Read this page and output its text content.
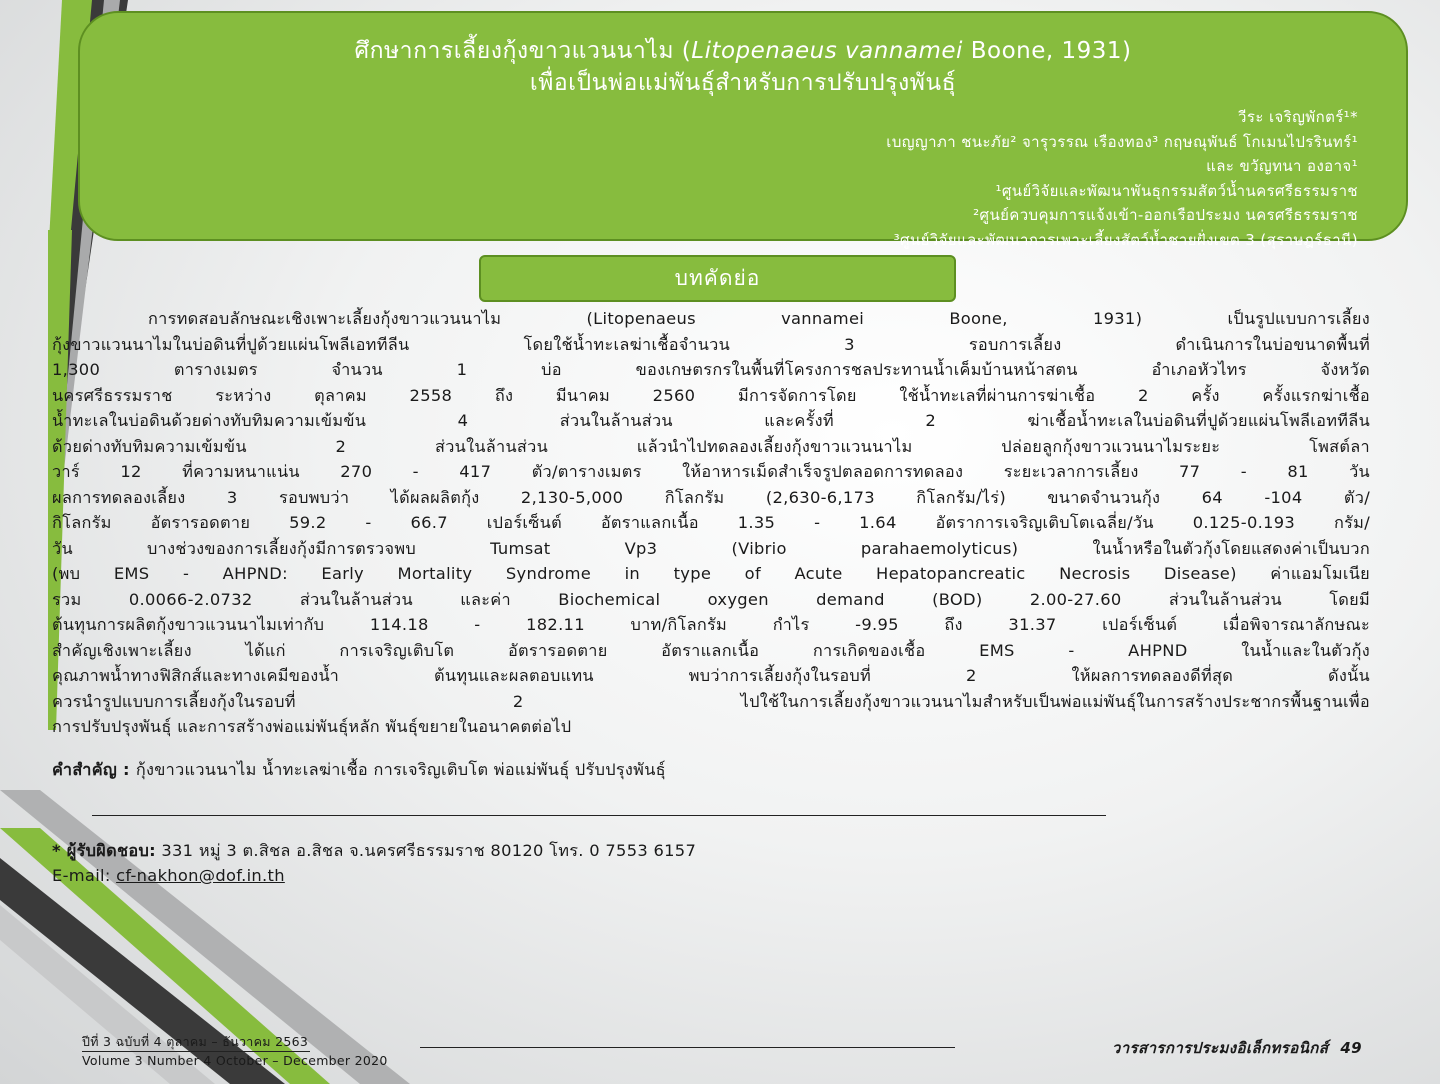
ศึกษาการเลี้ยงกุ้งขาวแวนนาไม (Litopenaeus vannamei Boone, 1931)
เพื่อเป็นพ่อแม่พันธุ์สำหรับการปรับปรุงพันธุ์
วีระ เจริญพักตร์¹*
เบญญาภา ชนะภัย² จารุวรรณ เรืองทอง³ กฤษณุพันธ์ โกเมนไปรรินทร์¹
และ ขวัญทนา องอาจ¹
¹ศูนย์วิจัยและพัฒนาพันธุกรรมสัตว์น้ำนครศรีธรรมราช
²ศูนย์ควบคุมการแจ้งเข้า-ออกเรือประมง นครศรีธรรมราช
³ศูนย์วิจัยและพัฒนาการเพาะเลี้ยงสัตว์น้ำชายฝั่งเขต 3 (สุราษฎร์ธานี)
บทคัดย่อ
การทดสอบลักษณะเชิงเพาะเลี้ยงกุ้งขาวแวนนาไม (Litopenaeus vannamei Boone, 1931) เป็นรูปแบบการเลี้ยง
กุ้งขาวแวนนาไมในบ่อดินที่ปูด้วยแผ่นโพลีเอททีลีน โดยใช้น้ำทะเลฆ่าเชื้อจำนวน 3 รอบการเลี้ยง ดำเนินการในบ่อขนาดพื้นที่
1,300 ตารางเมตร จำนวน 1 บ่อ ของเกษตรกรในพื้นที่โครงการชลประทานน้ำเค็มบ้านหน้าสตน อำเภอหัวไทร จังหวัด
นครศรีธรรมราช ระหว่าง ตุลาคม 2558 ถึง มีนาคม 2560 มีการจัดการโดย ใช้น้ำทะเลที่ผ่านการฆ่าเชื้อ 2 ครั้ง ครั้งแรกฆ่าเชื้อ
น้ำทะเลในบ่อดินด้วยด่างทับทิมความเข้มข้น 4 ส่วนในล้านส่วน และครั้งที่ 2 ฆ่าเชื้อน้ำทะเลในบ่อดินที่ปูด้วยแผ่นโพลีเอททีลีน
ด้วยด่างทับทิมความเข้มข้น 2 ส่วนในล้านส่วน แล้วนำไปทดลองเลี้ยงกุ้งขาวแวนนาไม ปล่อยลูกกุ้งขาวแวนนาไมระยะ โพสต์ลา
วาร์ 12 ที่ความหนาแน่น 270 - 417 ตัว/ตารางเมตร ให้อาหารเม็ดสำเร็จรูปตลอดการทดลอง ระยะเวลาการเลี้ยง 77 - 81 วัน
ผลการทดลองเลี้ยง 3 รอบพบว่า ได้ผลผลิตกุ้ง 2,130-5,000 กิโลกรัม (2,630-6,173 กิโลกรัม/ไร่) ขนาดจำนวนกุ้ง 64 -104 ตัว/
กิโลกรัม อัตรารอดตาย 59.2 - 66.7 เปอร์เซ็นต์ อัตราแลกเนื้อ 1.35 - 1.64 อัตราการเจริญเติบโตเฉลี่ย/วัน 0.125-0.193 กรัม/
วัน บางช่วงของการเลี้ยงกุ้งมีการตรวจพบ Tumsat Vp3 (Vibrio parahaemolyticus) ในน้ำหรือในตัวกุ้งโดยแสดงค่าเป็นบวก
(พบ EMS - AHPND: Early Mortality Syndrome in type of Acute Hepatopancreatic Necrosis Disease) ค่าแอมโมเนีย
รวม 0.0066-2.0732 ส่วนในล้านส่วน และค่า Biochemical oxygen demand (BOD) 2.00-27.60 ส่วนในล้านส่วน โดยมี
ต้นทุนการผลิตกุ้งขาวแวนนาไมเท่ากับ 114.18 - 182.11 บาท/กิโลกรัม กำไร -9.95 ถึง 31.37 เปอร์เซ็นต์ เมื่อพิจารณาลักษณะ
สำคัญเชิงเพาะเลี้ยง ได้แก่ การเจริญเติบโต อัตรารอดตาย อัตราแลกเนื้อ การเกิดของเชื้อ EMS - AHPND ในน้ำและในตัวกุ้ง
คุณภาพน้ำทางฟิสิกส์และทางเคมีของน้ำ ต้นทุนและผลตอบแทน พบว่าการเลี้ยงกุ้งในรอบที่ 2 ให้ผลการทดลองดีที่สุด ดังนั้น
ควรนำรูปแบบการเลี้ยงกุ้งในรอบที่ 2 ไปใช้ในการเลี้ยงกุ้งขาวแวนนาไมสำหรับเป็นพ่อแม่พันธุ์ในการสร้างประชากรพื้นฐานเพื่อ
การปรับปรุงพันธุ์ และการสร้างพ่อแม่พันธุ์หลัก พันธุ์ขยายในอนาคตต่อไป
คำสำคัญ : กุ้งขาวแวนนาไม น้ำทะเลฆ่าเชื้อ การเจริญเติบโต พ่อแม่พันธุ์ ปรับปรุงพันธุ์
* ผู้รับผิดชอบ: 331 หมู่ 3 ต.สิชล อ.สิชล จ.นครศรีธรรมราช 80120 โทร. 0 7553 6157
E-mail: cf-nakhon@dof.in.th
ปีที่ 3 ฉบับที่ 4 ตุลาคม – ธันวาคม 2563
Volume 3 Number 4 October – December 2020
วารสารการประมงอิเล็กทรอนิกส์ 49
